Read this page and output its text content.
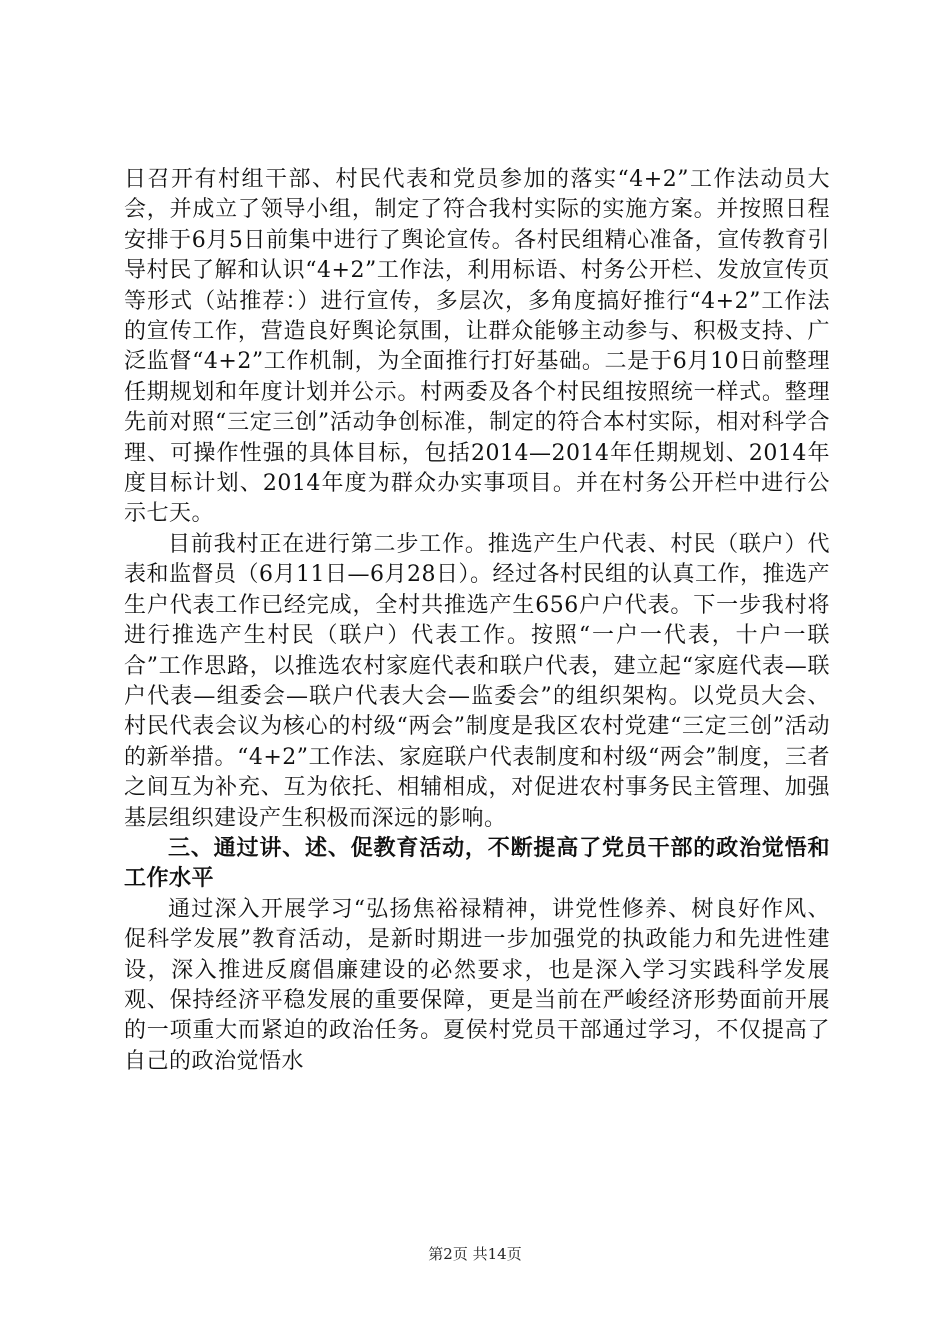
日召开有村组干部、村民代表和党员参加的落实“4+2”工作法动员大会，并成立了领导小组，制定了符合我村实际的实施方案。并按照日程安排于6月5日前集中进行了舆论宣传。各村民组精心准备，宣传教育引导村民了解和认识“4+2”工作法，利用标语、村务公开栏、发放宣传页等形式（站推荐：）进行宣传，多层次，多角度搞好推行“4+2”工作法的宣传工作，营造良好舆论氛围，让群众能够主动参与、积极支持、广泛监督“4+2”工作机制，为全面推行打好基础。二是于6月10日前整理任期规划和年度计划并公示。村两委及各个村民组按照统一样式。整理先前对照“三定三创”活动争创标准，制定的符合本村实际，相对科学合理、可操作性强的具体目标，包括2014—2014年任期规划、2014年度目标计划、2014年度为群众办实事项目。并在村务公开栏中进行公示七天。

目前我村正在进行第二步工作。推选产生户代表、村民（联户）代表和监督员（6月11日—6月28日）。经过各村民组的认真工作，推选产生户代表工作已经完成，全村共推选产生656户户代表。下一步我村将进行推选产生村民（联户）代表工作。按照“一户一代表，十户一联合”工作思路，以推选农村家庭代表和联户代表，建立起“家庭代表—联户代表—组委会—联户代表大会—监委会”的组织架构。以党员大会、村民代表会议为核心的村级“两会”制度是我区农村党建“三定三创”活动的新举措。“4+2”工作法、家庭联户代表制度和村级“两会”制度，三者之间互为补充、互为依托、相辅相成，对促进农村事务民主管理、加强基层组织建设产生积极而深远的影响。

三、通过讲、述、促教育活动，不断提高了党员干部的政治觉悟和工作水平

通过深入开展学习“弘扬焦裕禄精神，讲党性修养、树良好作风、促科学发展”教育活动，是新时期进一步加强党的执政能力和先进性建设，深入推进反腐倡廉建设的必然要求，也是深入学习实践科学发展观、保持经济平稳发展的重要保障，更是当前在严峻经济形势面前开展的一项重大而紧迫的政治任务。夏侯村党员干部通过学习，不仅提高了自己的政治觉悟水

第2页 共14页
